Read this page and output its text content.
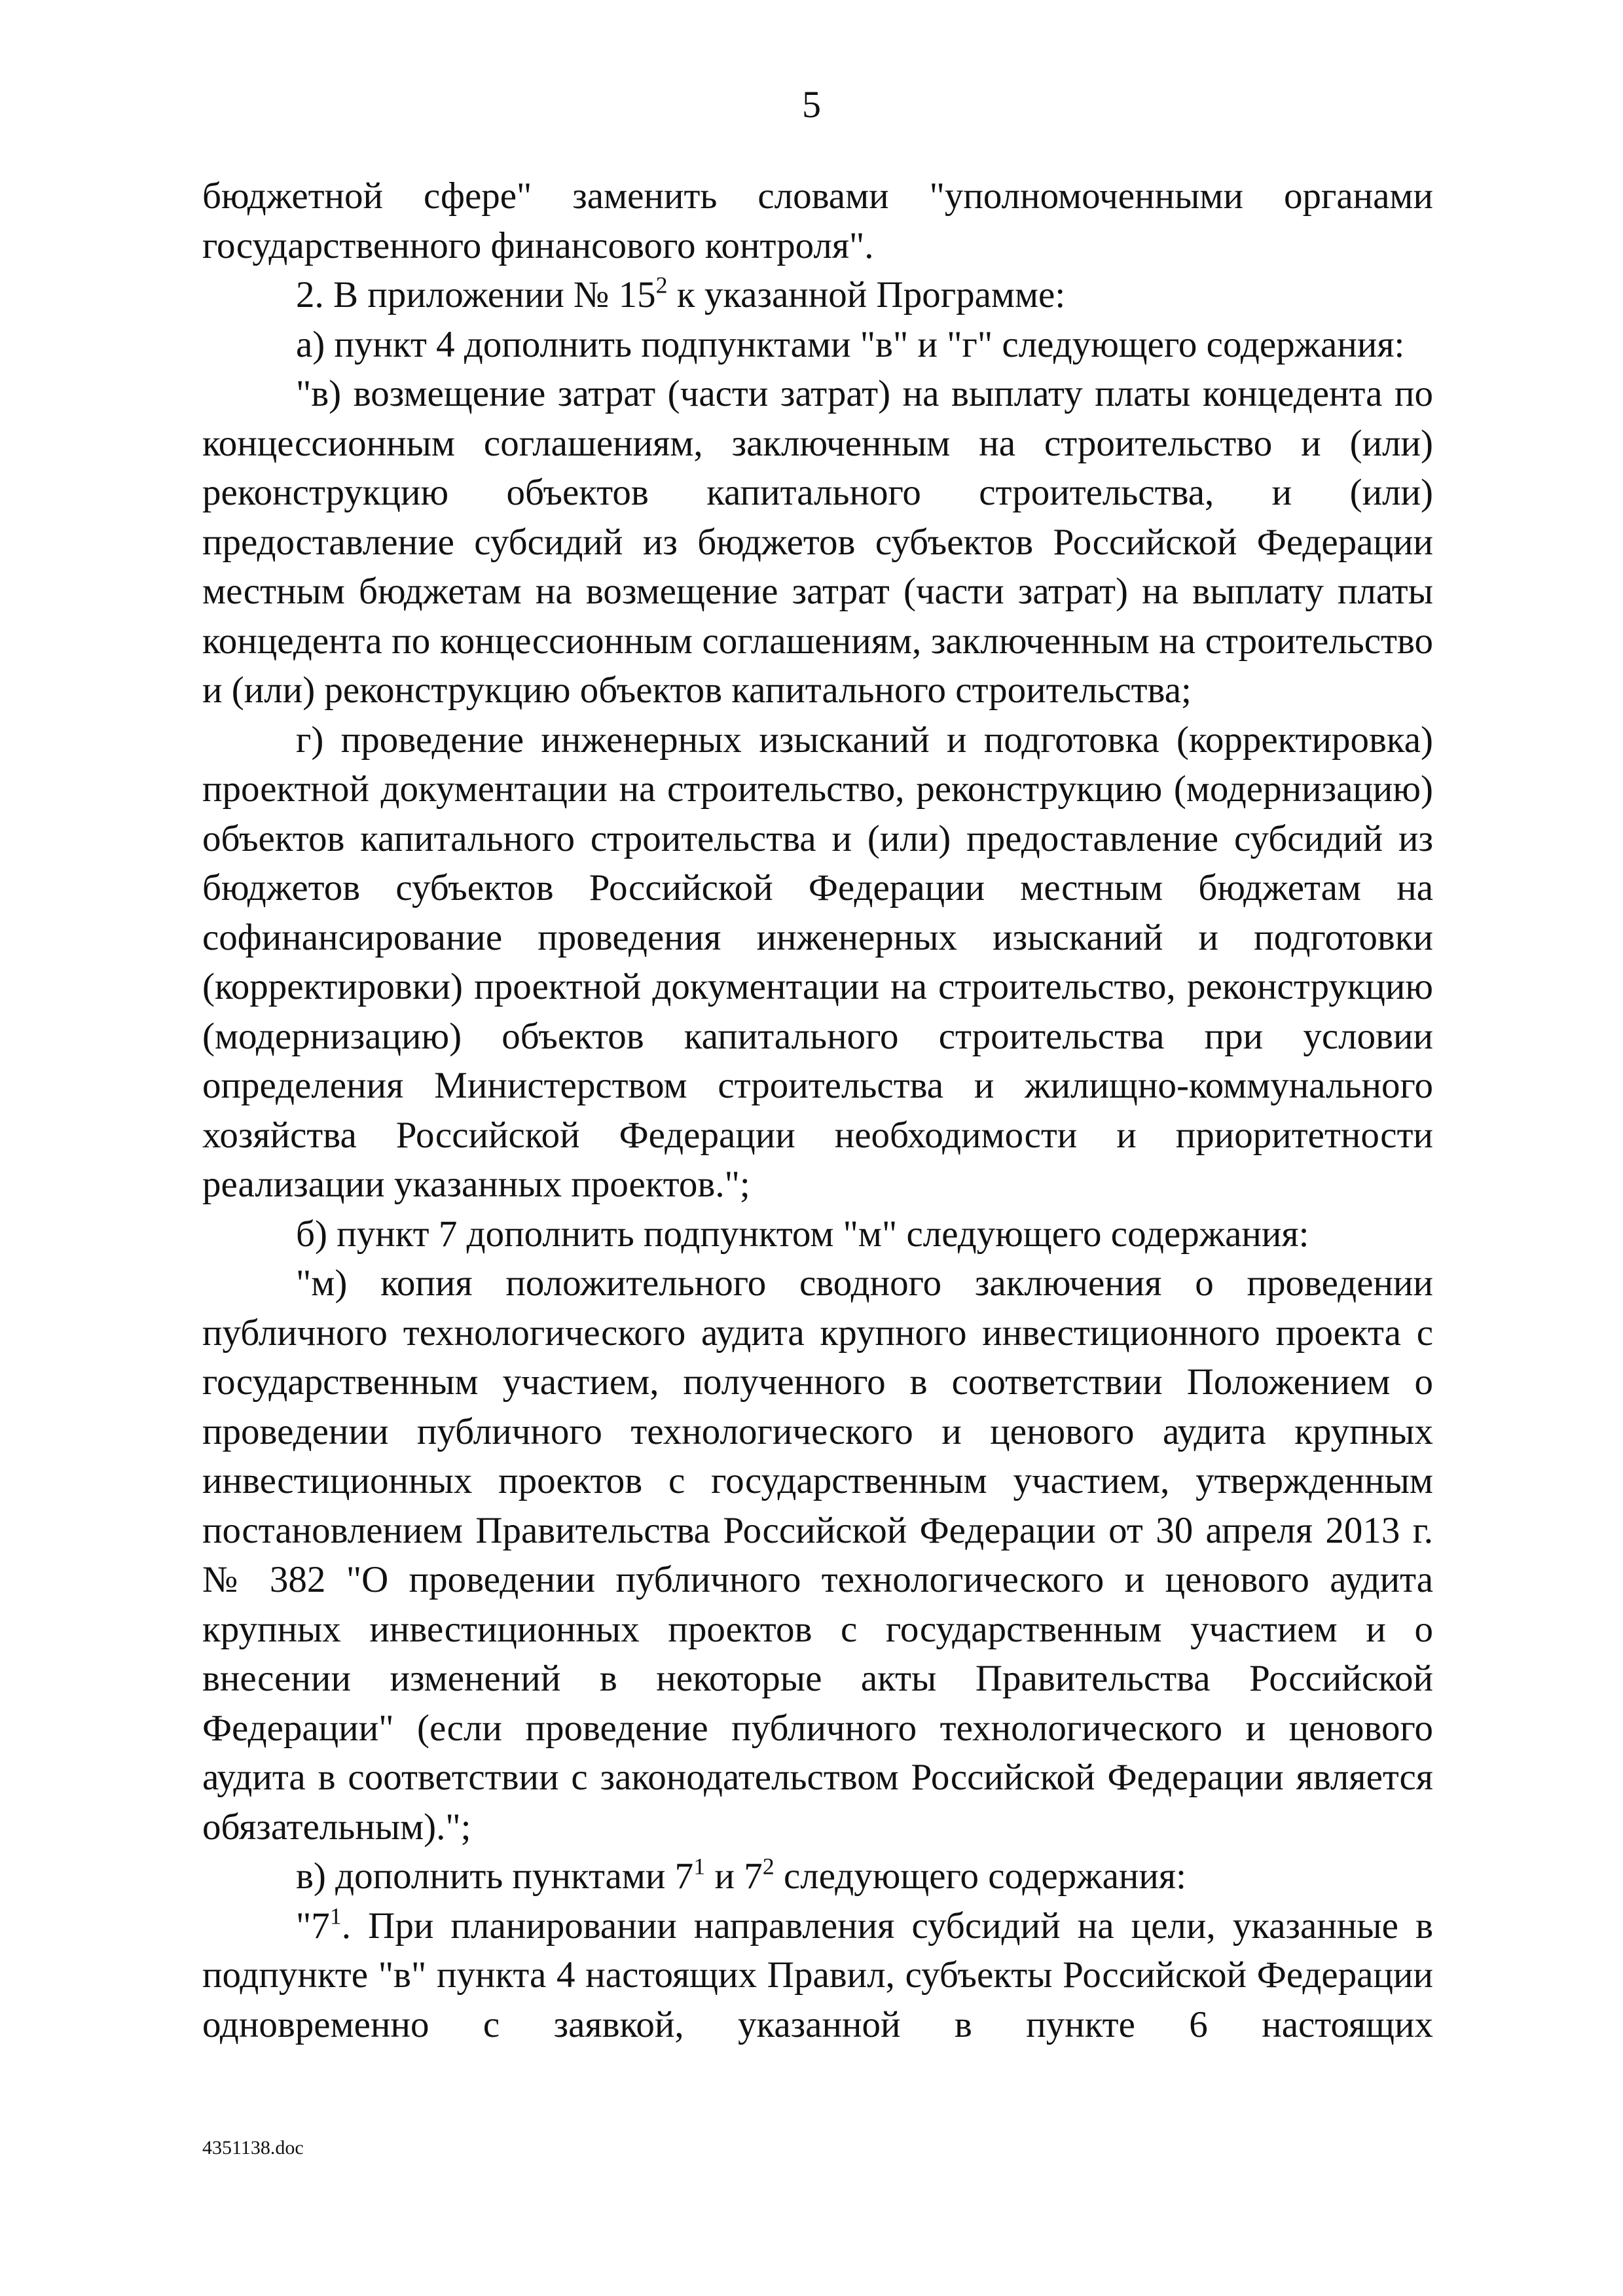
5

бюджетной сфере" заменить словами "уполномоченными органами государственного финансового контроля".

2. В приложении № $15^2$ к указанной Программе:

а) пункт 4 дополнить подпунктами "в" и "г" следующего содержания:

"в) возмещение затрат (части затрат) на выплату платы концедента по концессионным соглашениям, заключенным на строительство и (или) реконструкцию объектов капитального строительства, и (или) предоставление субсидий из бюджетов субъектов Российской Федерации местным бюджетам на возмещение затрат (части затрат) на выплату платы концедента по концессионным соглашениям, заключенным на строительство и (или) реконструкцию объектов капитального строительства;

г) проведение инженерных изысканий и подготовка (корректировка) проектной документации на строительство, реконструкцию (модернизацию) объектов капитального строительства и (или) предоставление субсидий из бюджетов субъектов Российской Федерации местным бюджетам на софинансирование проведения инженерных изысканий и подготовки (корректировки) проектной документации на строительство, реконструкцию (модернизацию) объектов капитального строительства при условии определения Министерством строительства и жилищно-коммунального хозяйства Российской Федерации необходимости и приоритетности реализации указанных проектов.";

б) пункт 7 дополнить подпунктом "м" следующего содержания:

"м) копия положительного сводного заключения о проведении публичного технологического аудита крупного инвестиционного проекта с государственным участием, полученного в соответствии Положением о проведении публичного технологического и ценового аудита крупных инвестиционных проектов с государственным участием, утвержденным постановлением Правительства Российской Федерации от 30 апреля 2013 г. № 382 "О проведении публичного технологического и ценового аудита крупных инвестиционных проектов с государственным участием и о внесении изменений в некоторые акты Правительства Российской Федерации" (если проведение публичного технологического и ценового аудита в соответствии с законодательством Российской Федерации является обязательным).";

в) дополнить пунктами $7^1$ и $7^2$ следующего содержания:

"$7^1$. При планировании направления субсидий на цели, указанные в подпункте "в" пункта 4 настоящих Правил, субъекты Российской Федерации одновременно с заявкой, указанной в пункте 6 настоящих

4351138.doc
